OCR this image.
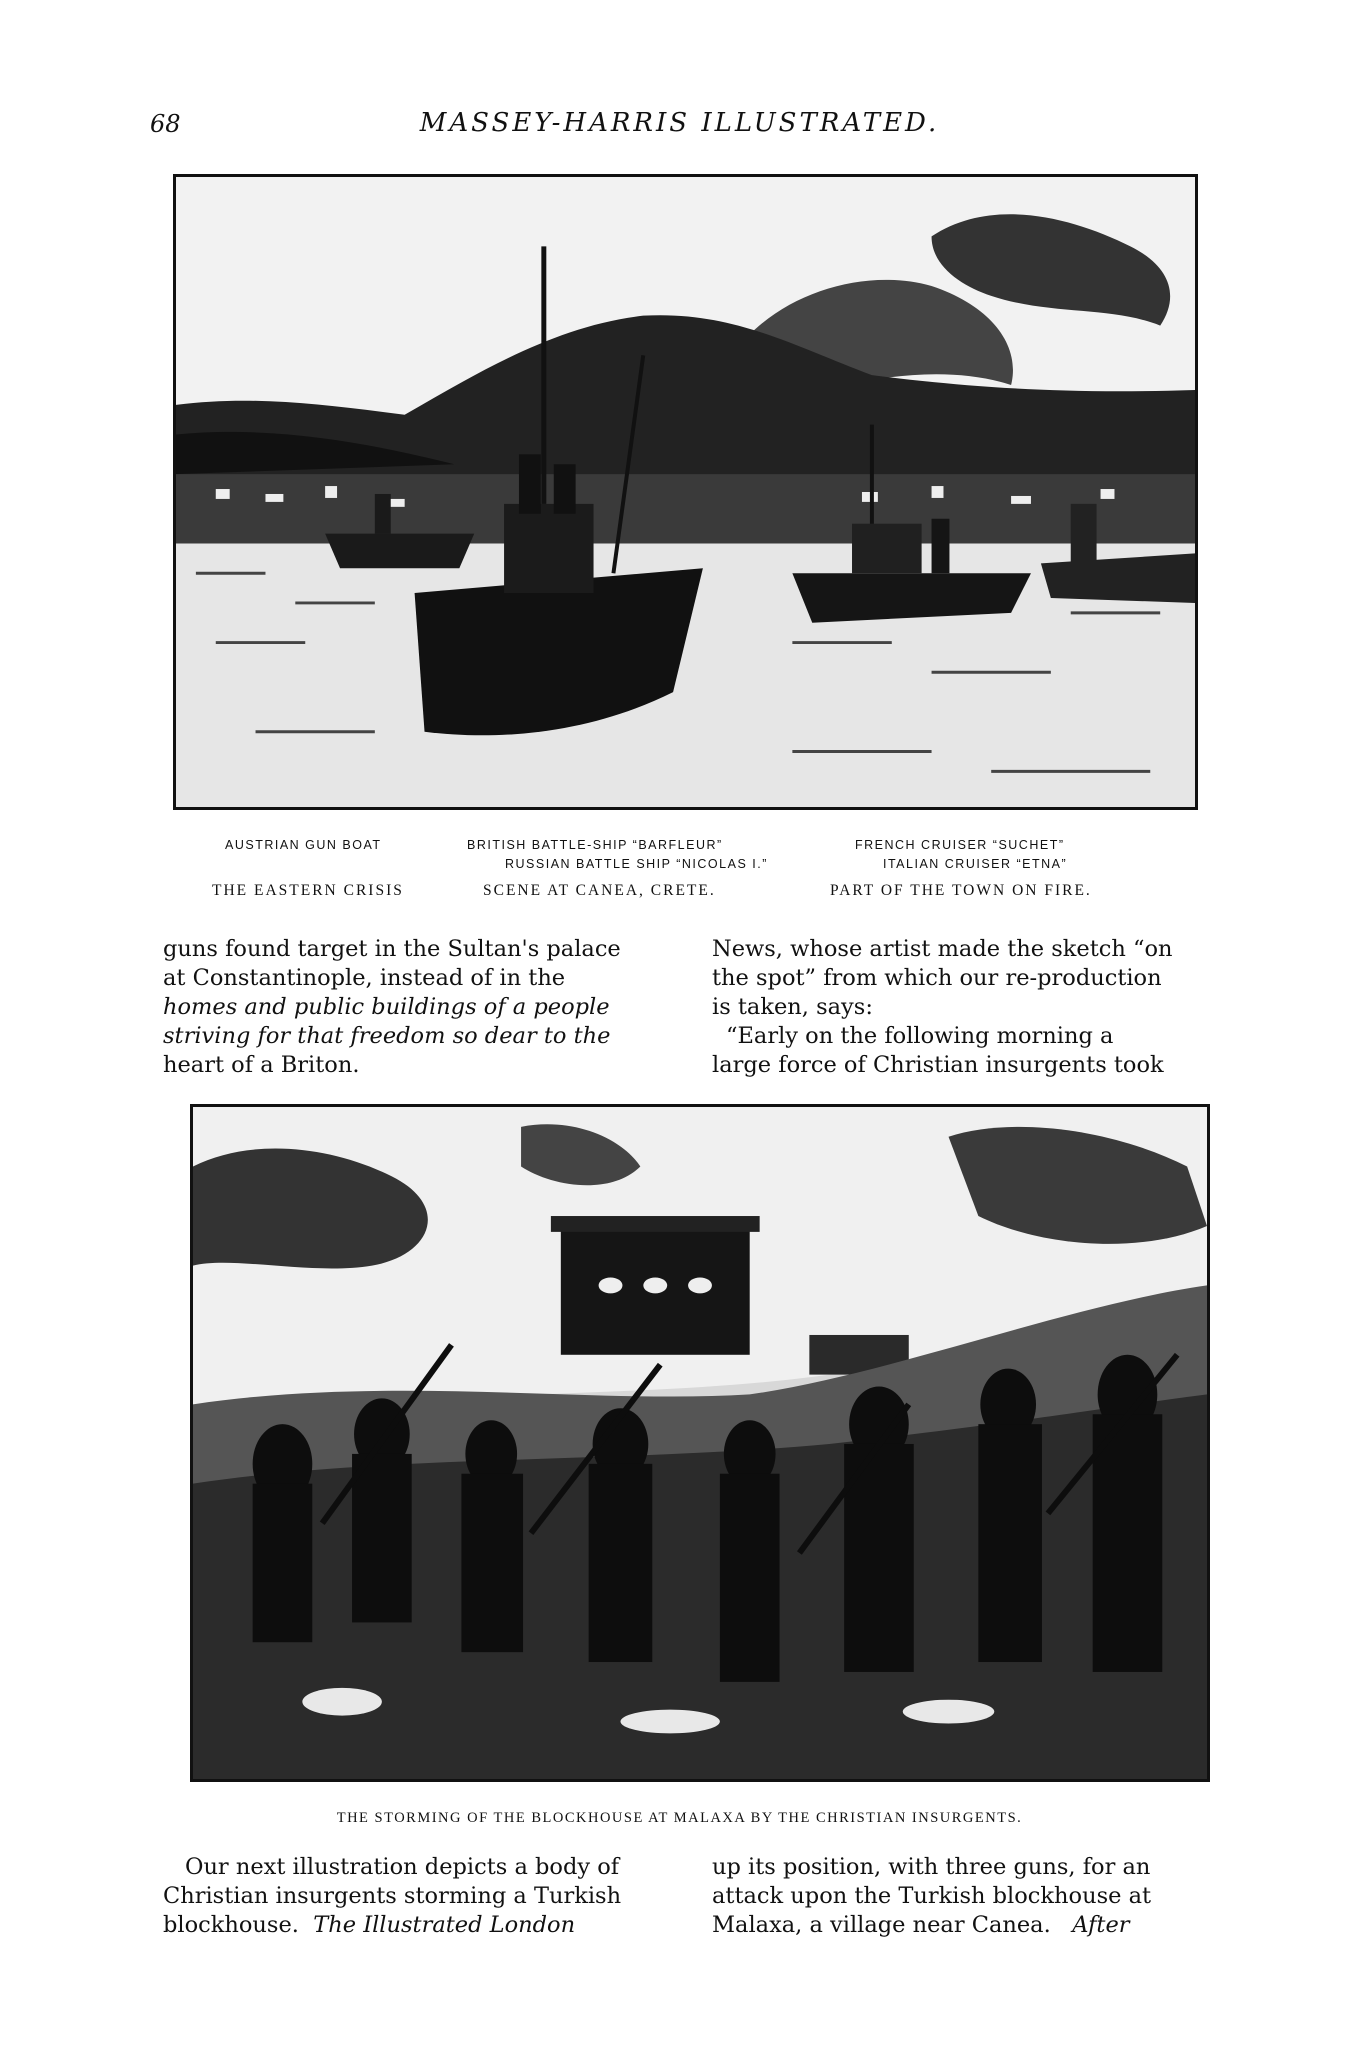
68	MASSEY-HARRIS ILLUSTRATED.
AUSTRIAN GUN BOAT	BRITISH BATTLE-SHIP “BARFLEUR”	FRENCH CRUISER “SUCHET”
RUSSIAN BATTLE SHIP “NICOLAS I.”	ITALIAN CRUISER “ETNA”
THE EASTERN CRISIS	SCENE AT CANEA, CRETE.	PART OF THE TOWN ON FIRE.

guns found target in the Sultan's palace

at Constantinople, instead of in the

homes and public buildings of a people

striving for that freedom so dear to the

heart of a Briton.

News, whose artist made the sketch “on

the spot” from which our re-production

is taken, says:

“Early on the following morning a

large force of Christian insurgents took

THE STORMING OF THE BLOCKHOUSE AT MALAXA BY THE CHRISTIAN INSURGENTS.

Our next illustration depicts a body of

Christian insurgents storming a Turkish

blockhouse. The Illustrated London

up its position, with three guns, for an

attack upon the Turkish blockhouse at

Malaxa, a village near Canea. After
